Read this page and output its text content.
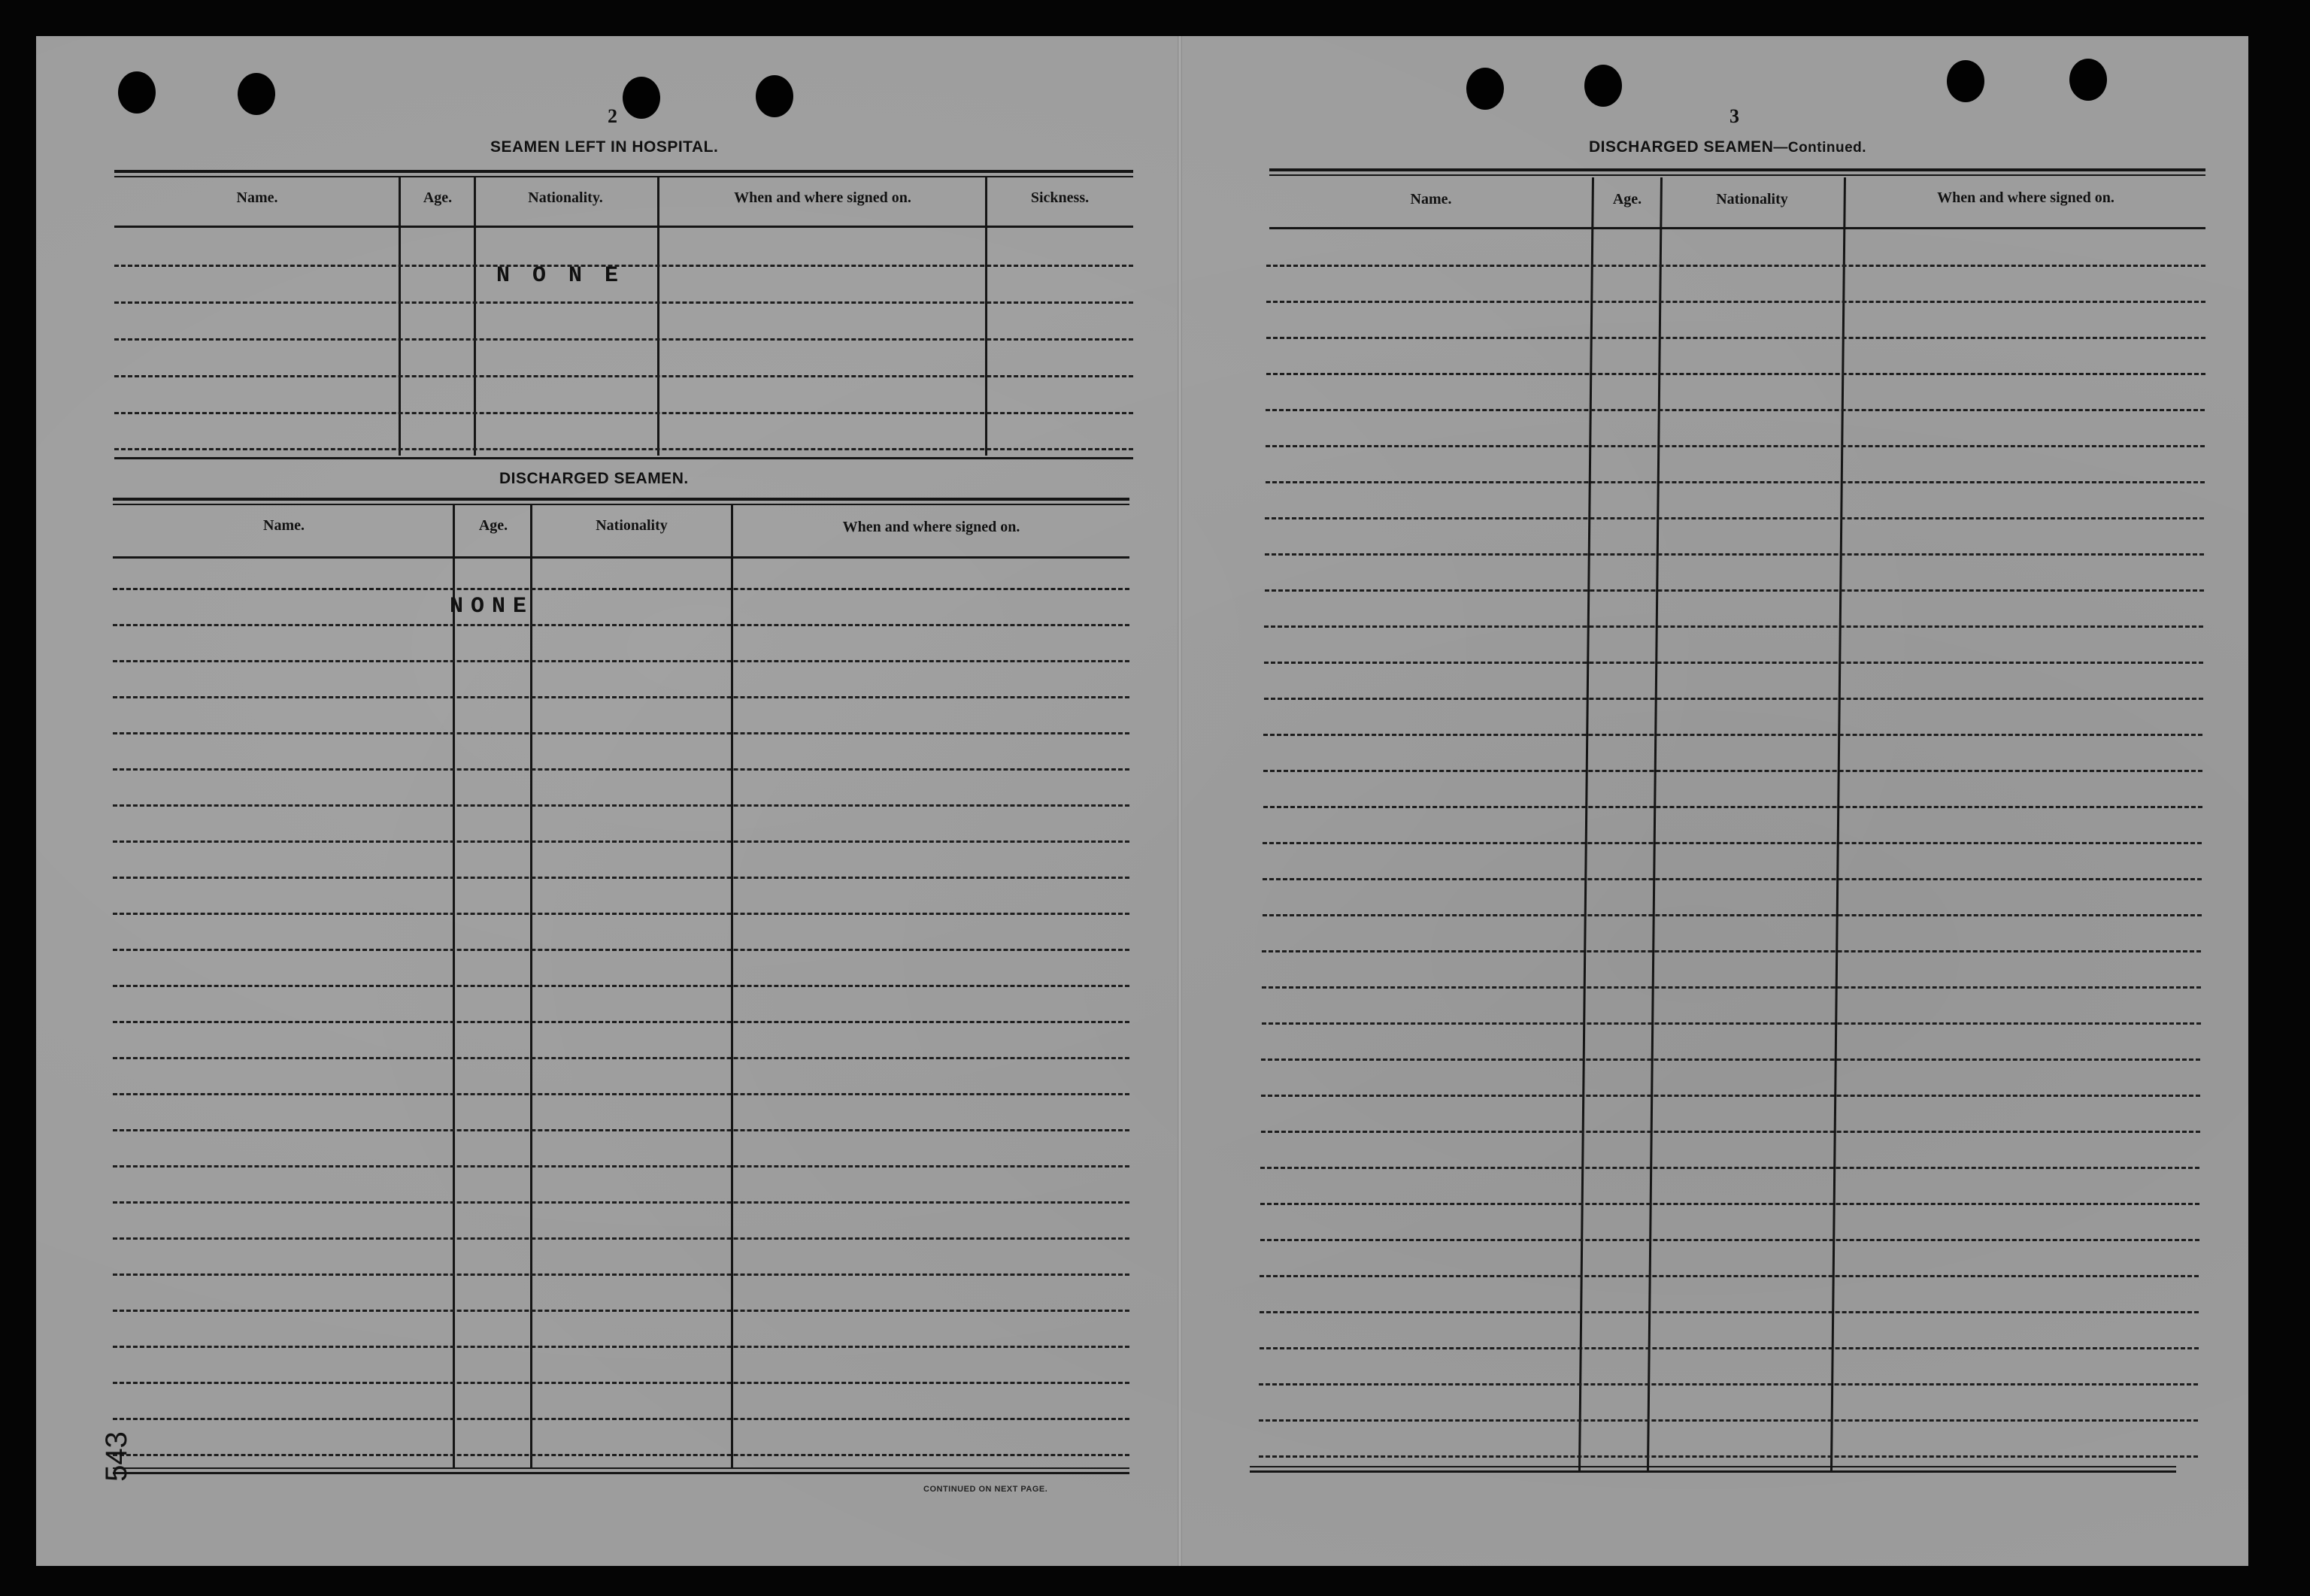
2
SEAMEN LEFT IN HOSPITAL.
Name.	Age.	Nationality.	When and where signed on.	Sickness.
N O N E
DISCHARGED SEAMEN.
Name.	Age.	Nationality	When and where signed on.
NONE
CONTINUED ON NEXT PAGE.
543
3
DISCHARGED SEAMEN—Continued.
Name.	Age.	Nationality	When and where signed on.
